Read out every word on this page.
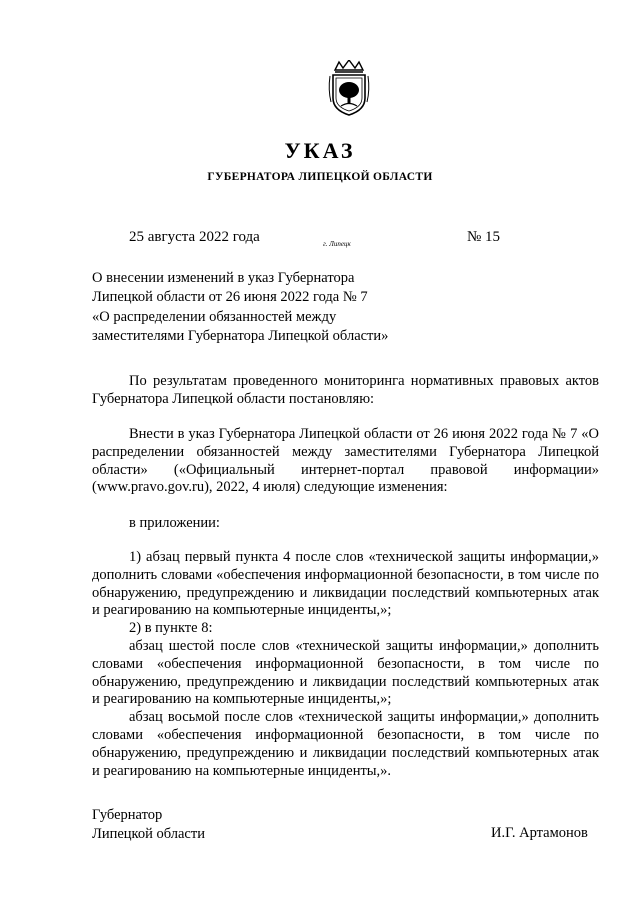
УКАЗ
ГУБЕРНАТОРА ЛИПЕЦКОЙ ОБЛАСТИ
25 августа 2022 года	г. Липецк	№ 15
О внесении изменений в указ Губернатора
Липецкой области от 26 июня 2022 года № 7
«О распределении обязанностей между
заместителями Губернатора Липецкой области»

По результатам проведенного мониторинга нормативных правовых актов Губернатора Липецкой области постановляю:

Внести в указ Губернатора Липецкой области от 26 июня 2022 года № 7 «О распределении обязанностей между заместителями Губернатора Липецкой области» («Официальный интернет-портал правовой информации» (www.pravo.gov.ru), 2022, 4 июля) следующие изменения:

в приложении:

1) абзац первый пункта 4 после слов «технической защиты информации,» дополнить словами «обеспечения информационной безопасности, в том числе по обнаружению, предупреждению и ликвидации последствий компьютерных атак и реагированию на компьютерные инциденты,»;

2) в пункте 8:

абзац шестой после слов «технической защиты информации,» дополнить словами «обеспечения информационной безопасности, в том числе по обнаружению, предупреждению и ликвидации последствий компьютерных атак и реагированию на компьютерные инциденты,»;

абзац восьмой после слов «технической защиты информации,» дополнить словами «обеспечения информационной безопасности, в том числе по обнаружению, предупреждению и ликвидации последствий компьютерных атак и реагированию на компьютерные инциденты,».

Губернатор
Липецкой области	И.Г. Артамонов
